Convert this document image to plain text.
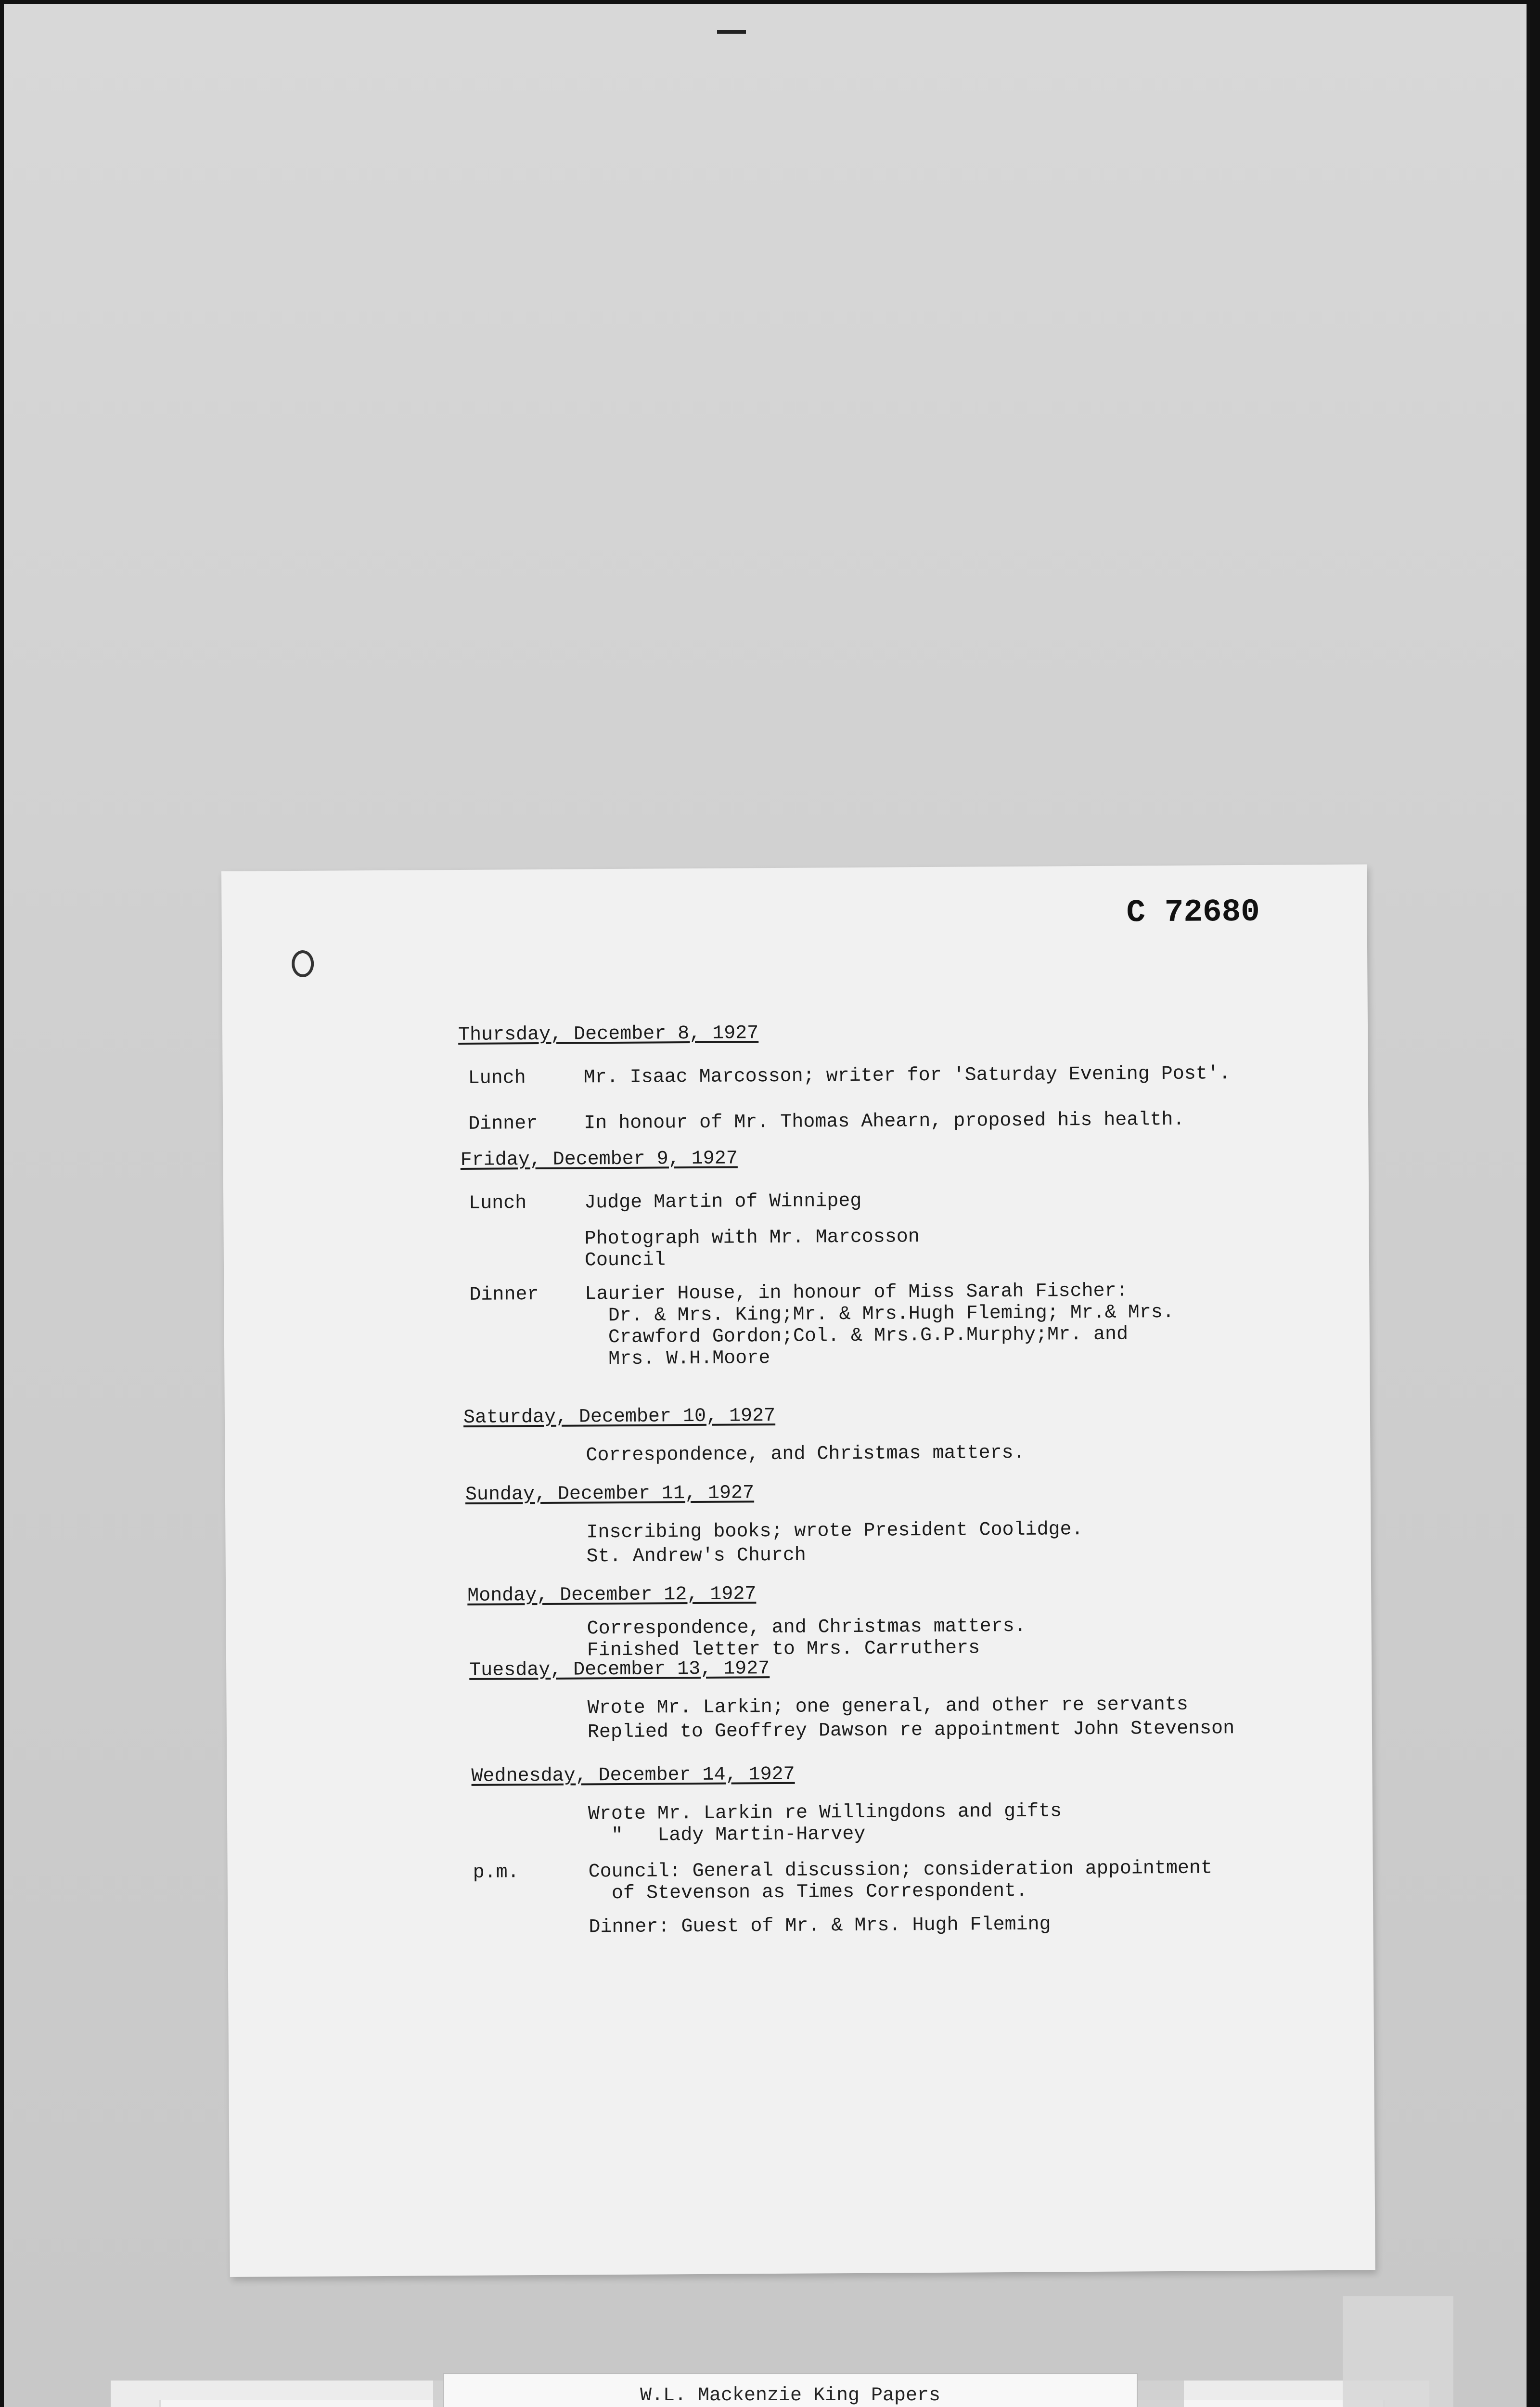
C 72680
Thursday, December 8, 1927
Lunch	Mr. Isaac Marcosson; writer for 'Saturday Evening Post'.
Dinner In honour of Mr. Thomas Ahearn, proposed his health.
Friday, December 9, 1927
Lunch	Judge Martin of Winnipeg
Photograph with Mr. Marcosson
Council
Dinner Laurier House, in honour of Miss Sarah Fischer:
Dr. & Mrs. King;Mr. & Mrs.Hugh Fleming; Mr.& Mrs.
Crawford Gordon;Col. & Mrs.G.P.Murphy;Mr. and
Mrs. W.H.Moore
Saturday, December 10, 1927
Correspondence, and Christmas matters.
Sunday, December 11, 1927
Inscribing books; wrote President Coolidge.
St. Andrew's Church
Monday, December 12, 1927
Correspondence, and Christmas matters.
Finished letter to Mrs. Carruthers
Tuesday, December 13, 1927
Wrote Mr. Larkin; one general, and other re servants
Replied to Geoffrey Dawson re appointment John Stevenson
Wednesday, December 14, 1927
Wrote Mr. Larkin re Willingdons and gifts
"   Lady Martin-Harvey
p.m.	Council: General discussion; consideration appointment
of Stevenson as Times Correspondent.
Dinner: Guest of Mr. & Mrs. Hugh Fleming
W.L. Mackenzie King Papers
